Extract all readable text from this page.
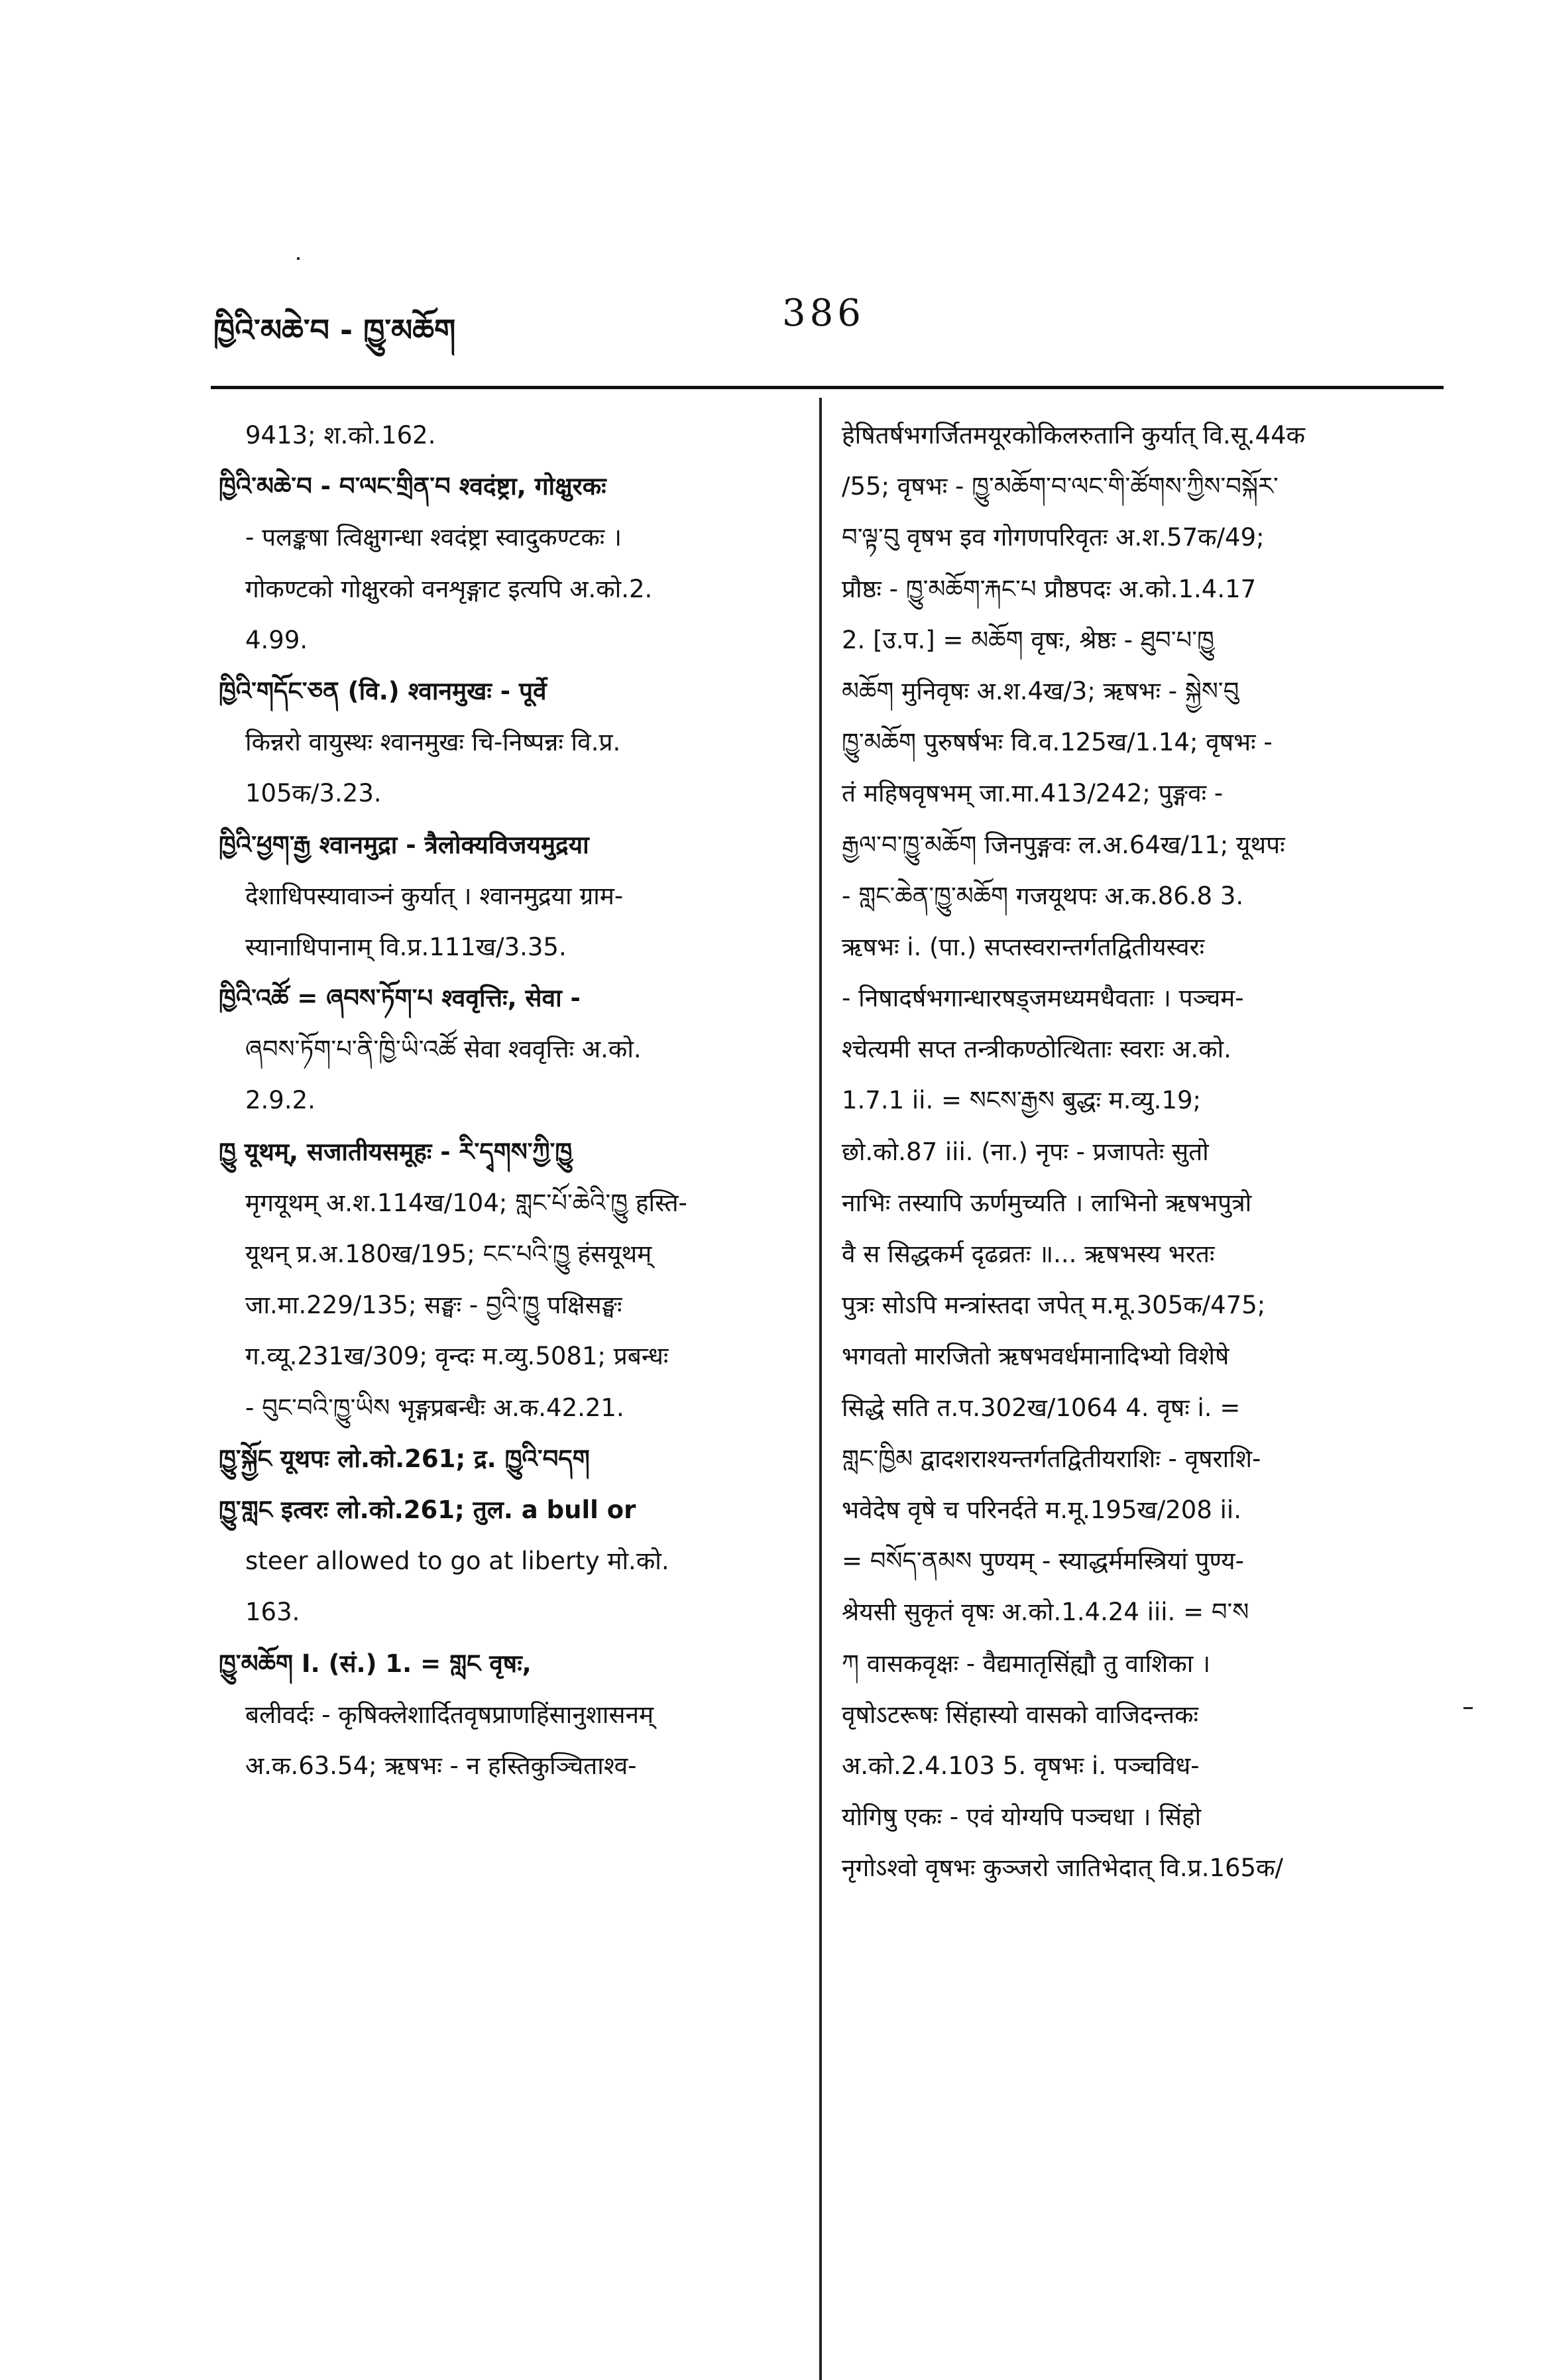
ཁྱིའི་མཆེ་བ - ཁྱུ་མཆོག	386
9413; श.को.162.
ཁྱིའི་མཆེ་བ - བ་ལང་གྲིན་བ श्वदंष्ट्रा, गोक्षुरकः
- पलङ्कषा त्विक्षुगन्धा श्वदंष्ट्रा स्वादुकण्टकः ।
गोकण्टको गोक्षुरको वनशृङ्गाट इत्यपि अ.को.2.
4.99.
ཁྱིའི་གདོང་ཅན (वि.) श्वानमुखः - पूर्वे
किन्नरो वायुस्थः श्वानमुखः चि-निष्पन्नः वि.प्र.
105क/3.23.
ཁྱིའི་ཕྱག་རྒྱ श्वानमुद्रा - त्रैलोक्यविजयमुद्रया
देशाधिपस्यावाञ्नं कुर्यात् । श्वानमुद्रया ग्राम-
स्यानाधिपानाम् वि.प्र.111ख/3.35.
ཁྱིའི་འཚོ = ཞབས་ཏོག་པ श्ववृत्तिः, सेवा -
ཞབས་ཏོག་པ་ནི་ཁྱི་ཡི་འཚོ सेवा श्ववृत्तिः अ.को.
2.9.2.
ཁྱུ यूथम्, सजातीयसमूहः - རི་དྭགས་ཀྱི་ཁྱུ
मृगयूथम् अ.श.114ख/104; གླང་པོ་ཆེའི་ཁྱུ हस्ति-
यूथन् प्र.अ.180ख/195; ངང་པའི་ཁྱུ हंसयूथम्
जा.मा.229/135; सङ्घः - བྱའི་ཁྱུ पक्षिसङ्घः
ग.व्यू.231ख/309; वृन्दः म.व्यु.5081; प्रबन्धः
- བུང་བའི་ཁྱུ་ཡིས भृङ्गप्रबन्धैः अ.क.42.21.
ཁྱུ་སྐྱོང यूथपः लो.को.261; द्र. ཁྱུའི་བདག
ཁྱུ་གླང इत्वरः लो.को.261; तुल. a bull or
steer allowed to go at liberty मो.को.
163.
ཁྱུ་མཆོག I. (सं.) 1. = གླང वृषः,
बलीवर्दः - कृषिक्लेशार्दितवृषप्राणहिंसानुशासनम्
अ.क.63.54; ऋषभः - न हस्तिकुञ्चिताश्व-
हेषितर्षभगर्जितमयूरकोकिलरुतानि कुर्यात् वि.सू.44क
/55; वृषभः - ཁྱུ་མཆོག་བ་ལང་གི་ཚོགས་ཀྱིས་བསྐོར་
བ་ལྟ་བུ वृषभ इव गोगणपरिवृतः अ.श.57क/49;
प्रौष्ठः - ཁྱུ་མཆོག་རྐང་པ प्रौष्ठपदः अ.को.1.4.17
2. [उ.प.] = མཆོག वृषः, श्रेष्ठः - ཐུབ་པ་ཁྱུ
མཆོག मुनिवृषः अ.श.4ख/3; ऋषभः - སྐྱེས་བུ
ཁྱུ་མཆོག पुरुषर्षभः वि.व.125ख/1.14; वृषभः -
तं महिषवृषभम् जा.मा.413/242; पुङ्गवः -
རྒྱལ་བ་ཁྱུ་མཆོག जिनपुङ्गवः ल.अ.64ख/11; यूथपः
- གླང་ཆེན་ཁྱུ་མཆོག गजयूथपः अ.क.86.8 3.
ऋषभः i. (पा.) सप्तस्वरान्तर्गतद्वितीयस्वरः
- निषादर्षभगान्धारषड्जमध्यमधैवताः । पञ्चम-
श्चेत्यमी सप्त तन्त्रीकण्ठोत्थिताः स्वराः अ.को.
1.7.1 ii. = སངས་རྒྱས बुद्धः म.व्यु.19;
छो.को.87 iii. (ना.) नृपः - प्रजापतेः सुतो
नाभिः तस्यापि ऊर्णमुच्यति । लाभिनो ऋषभपुत्रो
वै स सिद्धकर्म दृढव्रतः ॥... ऋषभस्य भरतः
पुत्रः सोऽपि मन्त्रांस्तदा जपेत् म.मू.305क/475;
भगवतो मारजितो ऋषभवर्धमानादिभ्यो विशेषे
सिद्धे सति त.प.302ख/1064 4. वृषः i. =
གླང་ཁྱིམ द्वादशराश्यन्तर्गतद्वितीयराशिः - वृषराशि-
भवेदेष वृषे च परिनर्दते म.मू.195ख/208 ii.
= བསོད་ནམས पुण्यम् - स्याद्धर्ममस्त्रियां पुण्य-
श्रेयसी सुकृतं वृषः अ.को.1.4.24 iii. = བ་ས
ཀ वासकवृक्षः - वैद्यमातृसिंह्यौ तु वाशिका ।
वृषोऽटरूषः सिंहास्यो वासको वाजिदन्तकः
अ.को.2.4.103 5. वृषभः i. पञ्चविध-
योगिषु एकः - एवं योग्यपि पञ्चधा । सिंहो
नृगोऽश्वो वृषभः कुञ्जरो जातिभेदात् वि.प्र.165क/
